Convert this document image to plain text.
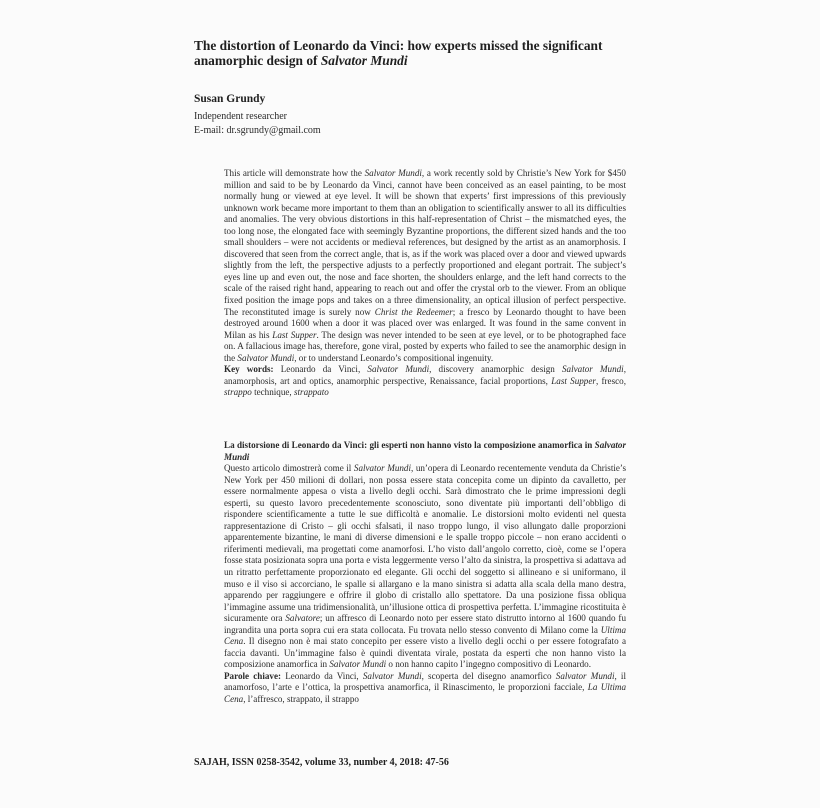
The distortion of Leonardo da Vinci: how experts missed the significant anamorphic design of Salvator Mundi
Susan Grundy
Independent researcher
E-mail: dr.sgrundy@gmail.com
This article will demonstrate how the Salvator Mundi, a work recently sold by Christie’s New York for $450 million and said to be by Leonardo da Vinci, cannot have been conceived as an easel painting, to be most normally hung or viewed at eye level. It will be shown that experts’ first impressions of this previously unknown work became more important to them than an obligation to scientifically answer to all its difficulties and anomalies. The very obvious distortions in this half-representation of Christ – the mismatched eyes, the too long nose, the elongated face with seemingly Byzantine proportions, the different sized hands and the too small shoulders – were not accidents or medieval references, but designed by the artist as an anamorphosis. I discovered that seen from the correct angle, that is, as if the work was placed over a door and viewed upwards slightly from the left, the perspective adjusts to a perfectly proportioned and elegant portrait. The subject’s eyes line up and even out, the nose and face shorten, the shoulders enlarge, and the left hand corrects to the scale of the raised right hand, appearing to reach out and offer the crystal orb to the viewer. From an oblique fixed position the image pops and takes on a three dimensionality, an optical illusion of perfect perspective. The reconstituted image is surely now Christ the Redeemer; a fresco by Leonardo thought to have been destroyed around 1600 when a door it was placed over was enlarged. It was found in the same convent in Milan as his Last Supper. The design was never intended to be seen at eye level, or to be photographed face on. A fallacious image has, therefore, gone viral, posted by experts who failed to see the anamorphic design in the Salvator Mundi, or to understand Leonardo’s compositional ingenuity.
Key words: Leonardo da Vinci, Salvator Mundi, discovery anamorphic design Salvator Mundi, anamorphosis, art and optics, anamorphic perspective, Renaissance, facial proportions, Last Supper, fresco, strappo technique, strappato
La distorsione di Leonardo da Vinci: gli esperti non hanno visto la composizione anamorfica in Salvator Mundi
Questo articolo dimostrerà come il Salvator Mundi, un’opera di Leonardo recentemente venduta da Christie’s New York per 450 milioni di dollari, non possa essere stata concepita come un dipinto da cavalletto, per essere normalmente appesa o vista a livello degli occhi. Sarà dimostrato che le prime impressioni degli esperti, su questo lavoro precedentemente sconosciuto, sono diventate più importanti dell’obbligo di rispondere scientificamente a tutte le sue difficoltà e anomalie. Le distorsioni molto evidenti nel questa rappresentazione di Cristo – gli occhi sfalsati, il naso troppo lungo, il viso allungato dalle proporzioni apparentemente bizantine, le mani di diverse dimensioni e le spalle troppo piccole – non erano accidenti o riferimenti medievali, ma progettati come anamorfosi. L’ho visto dall’angolo corretto, cioè, come se l’opera fosse stata posizionata sopra una porta e vista leggermente verso l’alto da sinistra, la prospettiva si adattava ad un ritratto perfettamente proporzionato ed elegante. Gli occhi del soggetto si allineano e si uniformano, il muso e il viso si accorciano, le spalle si allargano e la mano sinistra si adatta alla scala della mano destra, apparendo per raggiungere e offrire il globo di cristallo allo spettatore. Da una posizione fissa obliqua l’immagine assume una tridimensionalità, un’illusione ottica di prospettiva perfetta. L’immagine ricostituita è sicuramente ora Salvatore; un affresco di Leonardo noto per essere stato distrutto intorno al 1600 quando fu ingrandita una porta sopra cui era stata collocata. Fu trovata nello stesso convento di Milano come la Ultima Cena. Il disegno non è mai stato concepito per essere visto a livello degli occhi o per essere fotografato a faccia davanti. Un’immagine falso è quindi diventata virale, postata da esperti che non hanno visto la composizione anamorfica in Salvator Mundi o non hanno capito l’ingegno compositivo di Leonardo.
Parole chiave: Leonardo da Vinci, Salvator Mundi, scoperta del disegno anamorfico Salvator Mundi, il anamorfoso, l’arte e l’ottica, la prospettiva anamorfica, il Rinascimento, le proporzioni facciale, La Ultima Cena, l’affresco, strappato, il strappo
SAJAH, ISSN 0258-3542, volume 33, number 4, 2018: 47-56
